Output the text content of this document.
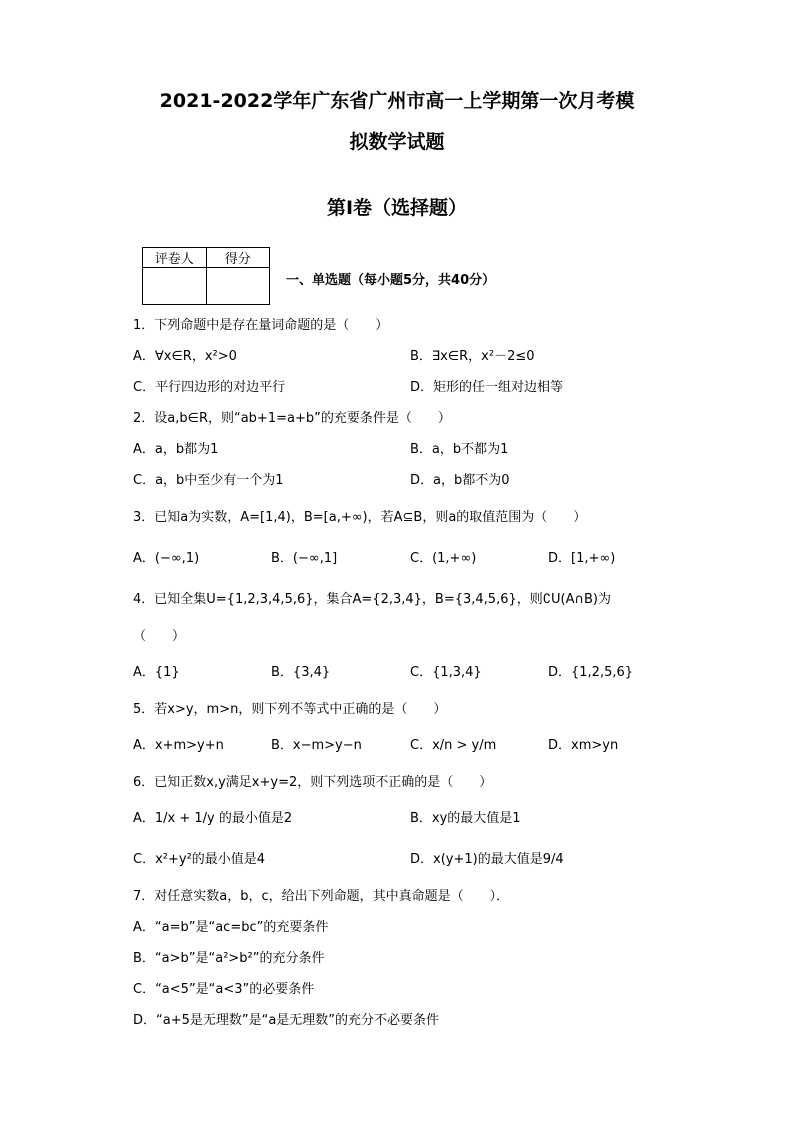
2021-2022学年广东省广州市高一上学期第一次月考模
拟数学试题
第Ⅰ卷（选择题）
评卷人	得分

一、单选题（每小题5分，共40分）
1．下列命题中是存在量词命题的是（　　）
A．∀x∈R，x²>0	B．∃x∈R，x²－2≤0
C．平行四边形的对边平行	D．矩形的任一组对边相等
2．设a,b∈R，则“ab+1=a+b”的充要条件是（　　）
A．a，b都为1	B．a，b不都为1
C．a，b中至少有一个为1	D．a，b都不为0
3．已知a为实数，A=[1,4)，B=[a,+∞)，若A⊆B，则a的取值范围为（　　）
A．(−∞,1)	B．(−∞,1]	C．(1,+∞)	D．[1,+∞)
4．已知全集U={1,2,3,4,5,6}，集合A={2,3,4}，B={3,4,5,6}，则∁U(A∩B)为
（　　）
A．{1}	B．{3,4}	C．{1,3,4}	D．{1,2,5,6}
5．若x>y，m>n，则下列不等式中正确的是（　　）
A．x+m>y+n	B．x−m>y−n	C．x/n > y/m	D．xm>yn
6．已知正数x,y满足x+y=2，则下列选项不正确的是（　　）
A．1/x + 1/y 的最小值是2	B．xy的最大值是1
C．x²+y²的最小值是4	D．x(y+1)的最大值是9/4
7．对任意实数a，b，c，给出下列命题，其中真命题是（　　）．
A．“a=b”是“ac=bc”的充要条件
B．“a>b”是“a²>b²”的充分条件
C．“a<5”是“a<3”的必要条件
D．“a+5是无理数”是“a是无理数”的充分不必要条件
